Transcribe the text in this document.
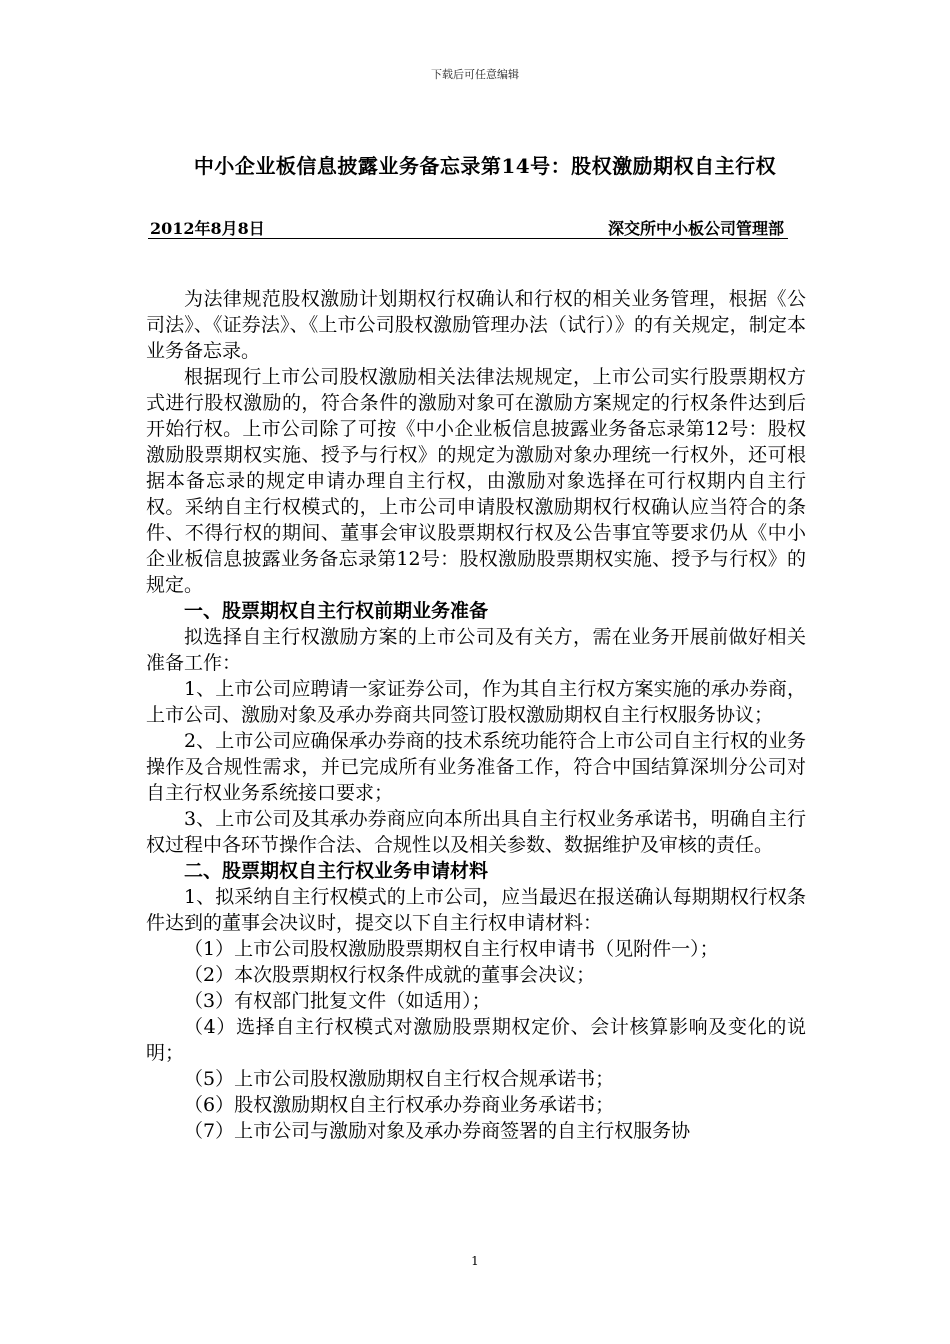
下载后可任意编辑
中小企业板信息披露业务备忘录第14号：股权激励期权自主行权
2012年8月8日	深交所中小板公司管理部

为法律规范股权激励计划期权行权确认和行权的相关业务管理，根据《公司法》、《证券法》、《上市公司股权激励管理办法（试行）》的有关规定，制定本业务备忘录。

根据现行上市公司股权激励相关法律法规规定，上市公司实行股票期权方式进行股权激励的，符合条件的激励对象可在激励方案规定的行权条件达到后开始行权。上市公司除了可按《中小企业板信息披露业务备忘录第12号：股权激励股票期权实施、授予与行权》的规定为激励对象办理统一行权外，还可根据本备忘录的规定申请办理自主行权，由激励对象选择在可行权期内自主行权。采纳自主行权模式的，上市公司申请股权激励期权行权确认应当符合的条件、不得行权的期间、董事会审议股票期权行权及公告事宜等要求仍从《中小企业板信息披露业务备忘录第12号：股权激励股票期权实施、授予与行权》的规定。

一、股票期权自主行权前期业务准备

拟选择自主行权激励方案的上市公司及有关方，需在业务开展前做好相关准备工作：

1、上市公司应聘请一家证券公司，作为其自主行权方案实施的承办券商，上市公司、激励对象及承办券商共同签订股权激励期权自主行权服务协议；

2、上市公司应确保承办券商的技术系统功能符合上市公司自主行权的业务操作及合规性需求，并已完成所有业务准备工作，符合中国结算深圳分公司对自主行权业务系统接口要求；

3、上市公司及其承办券商应向本所出具自主行权业务承诺书，明确自主行权过程中各环节操作合法、合规性以及相关参数、数据维护及审核的责任。

二、股票期权自主行权业务申请材料

1、拟采纳自主行权模式的上市公司，应当最迟在报送确认每期期权行权条件达到的董事会决议时，提交以下自主行权申请材料：

（1）上市公司股权激励股票期权自主行权申请书（见附件一）；

（2）本次股票期权行权条件成就的董事会决议；

（3）有权部门批复文件（如适用）；

（4）选择自主行权模式对激励股票期权定价、会计核算影响及变化的说明；

（5）上市公司股权激励期权自主行权合规承诺书；

（6）股权激励期权自主行权承办券商业务承诺书；

（7）上市公司与激励对象及承办券商签署的自主行权服务协

1
